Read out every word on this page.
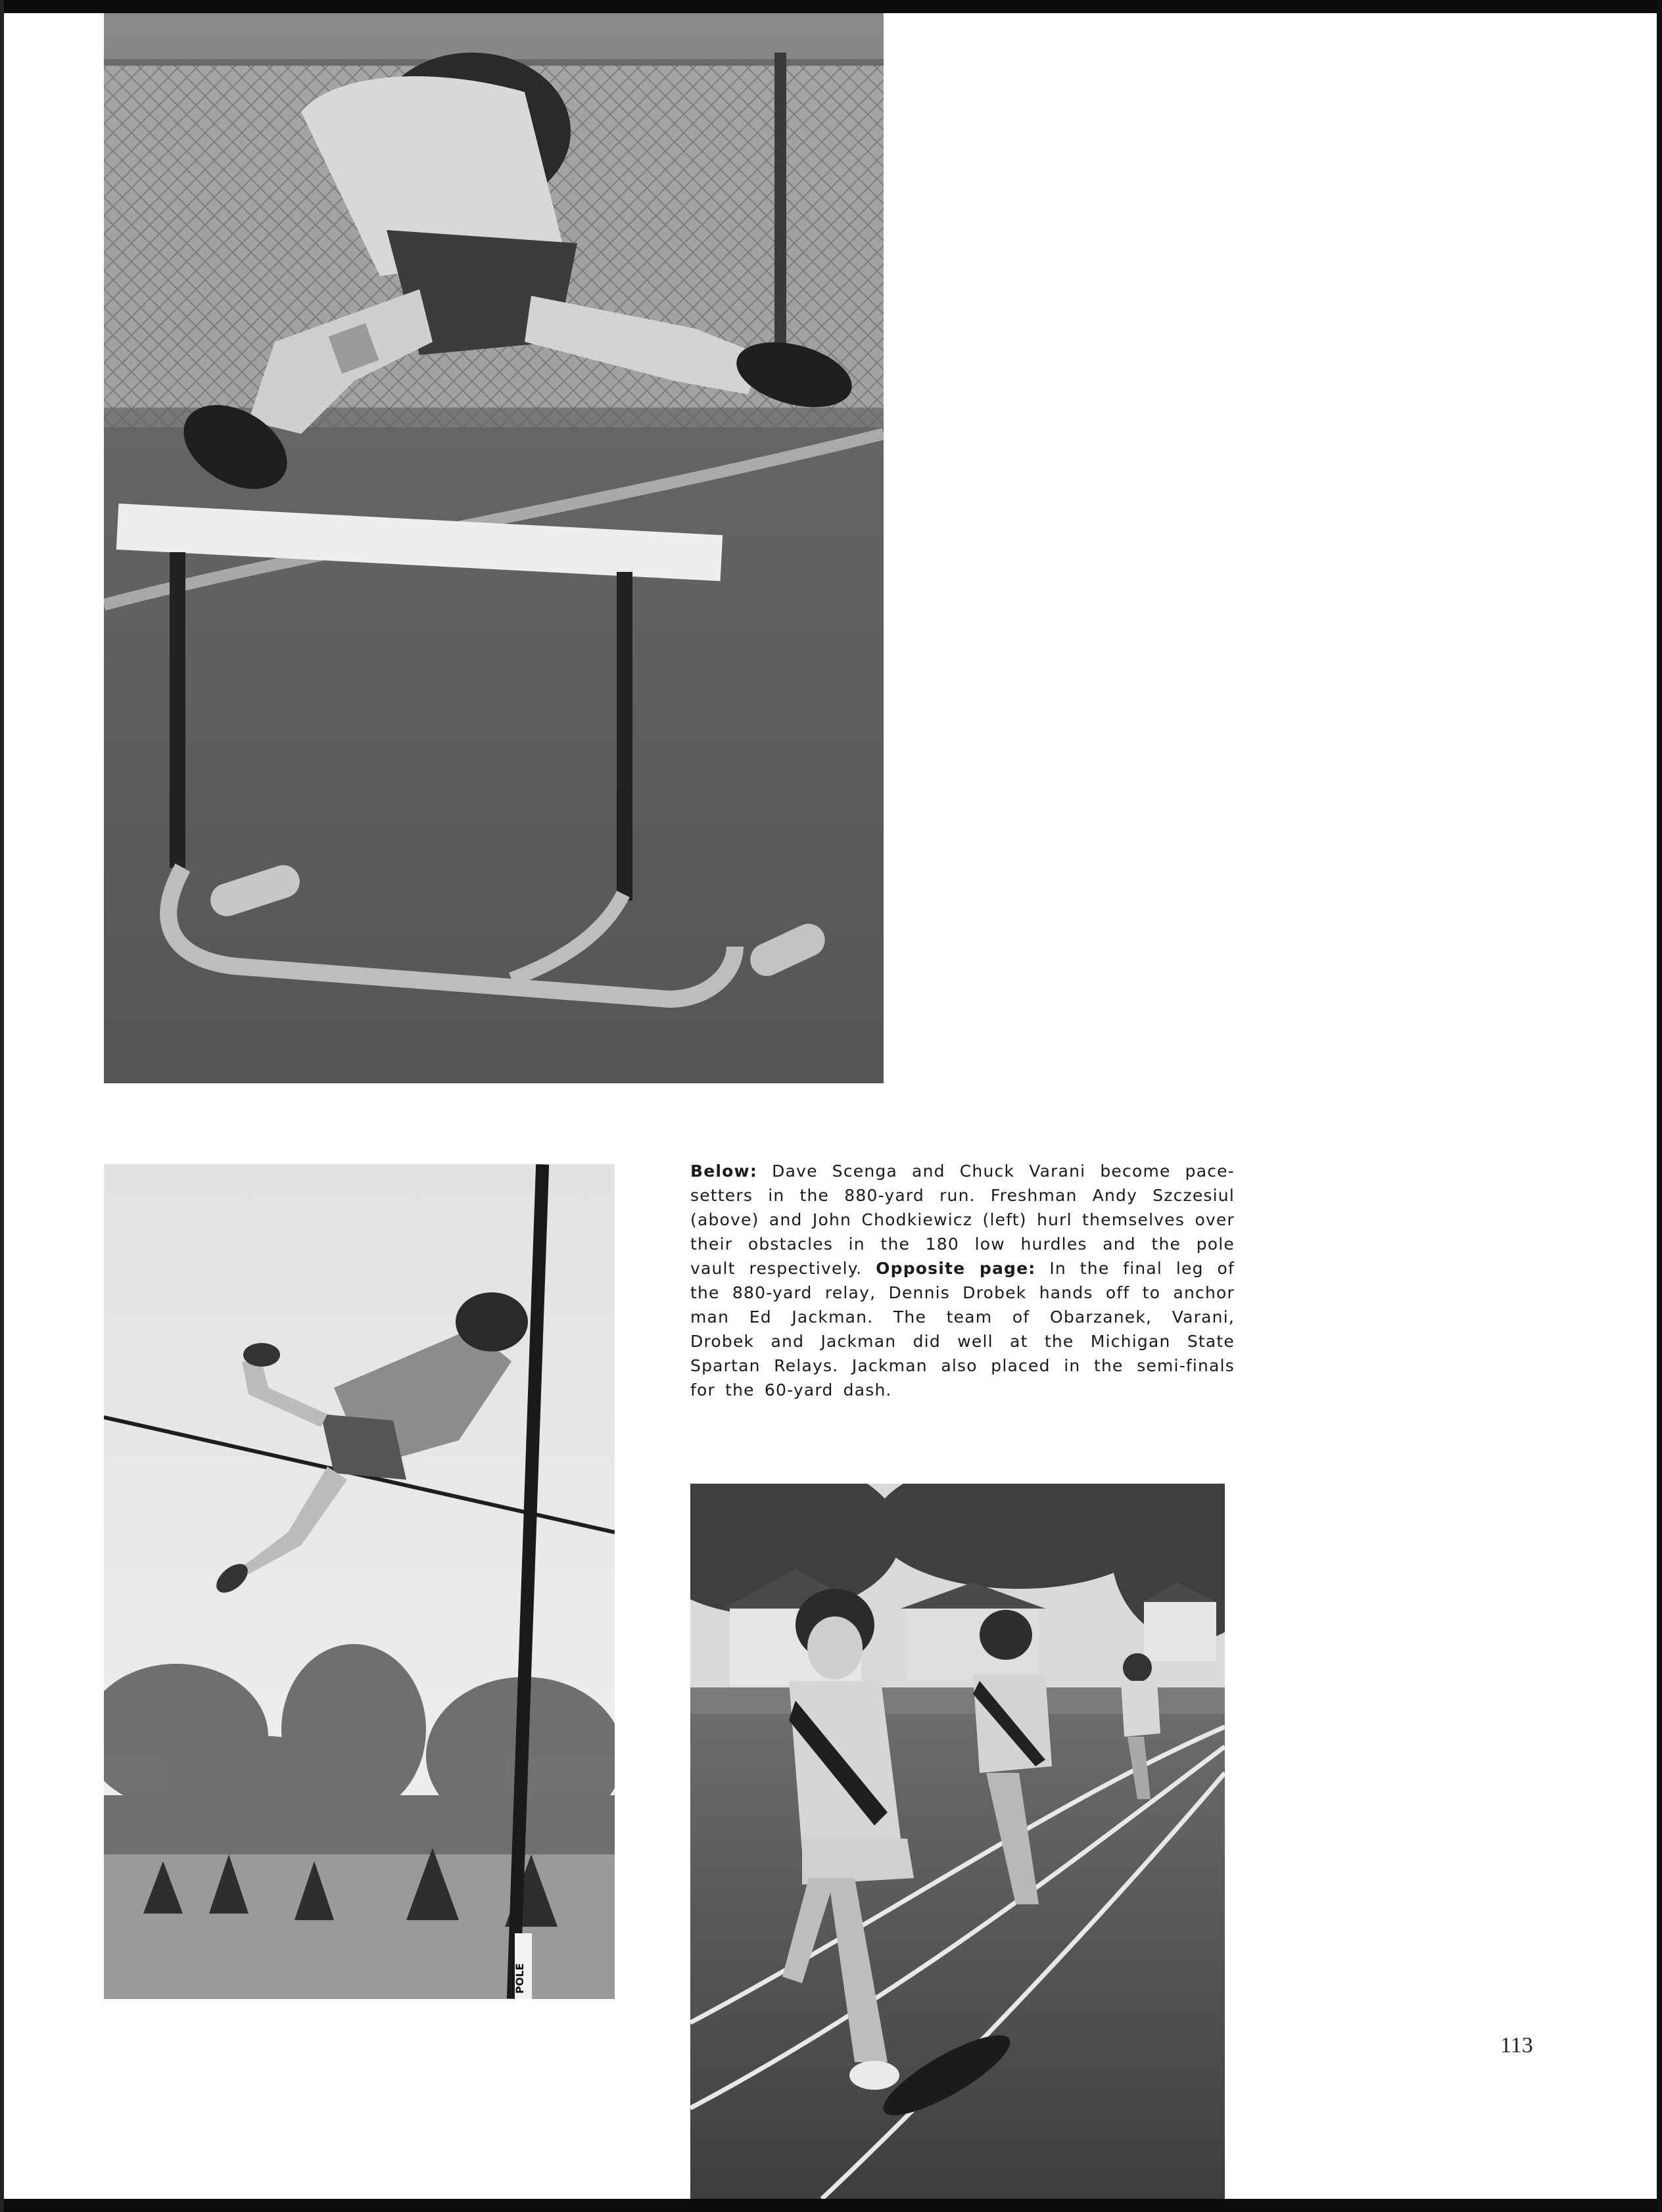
POLE
Below: Dave Scenga and Chuck Varani become pace-setters in the 880-yard run. Freshman Andy Szczesiul (above) and John Chodkiewicz (left) hurl themselves over their obstacles in the 180 low hurdles and the pole vault respectively. Opposite page: In the final leg of the 880-yard relay, Dennis Drobek hands off to anchor man Ed Jackman. The team of Obarzanek, Varani, Drobek and Jackman did well at the Michigan State Spartan Relays. Jackman also placed in the semi-finals for the 60-yard dash.
113
